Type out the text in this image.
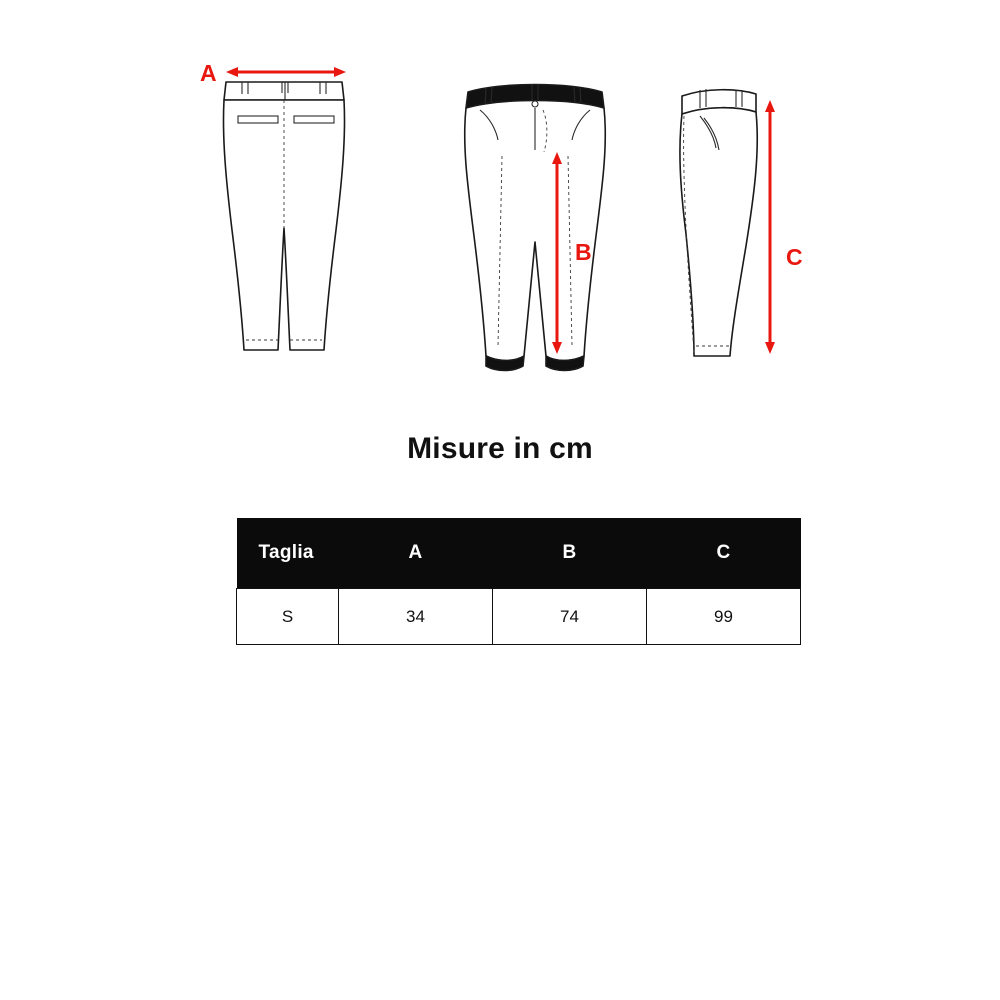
A
B	C
Misure in cm
Taglia	A	B	C
S	34	74	99
